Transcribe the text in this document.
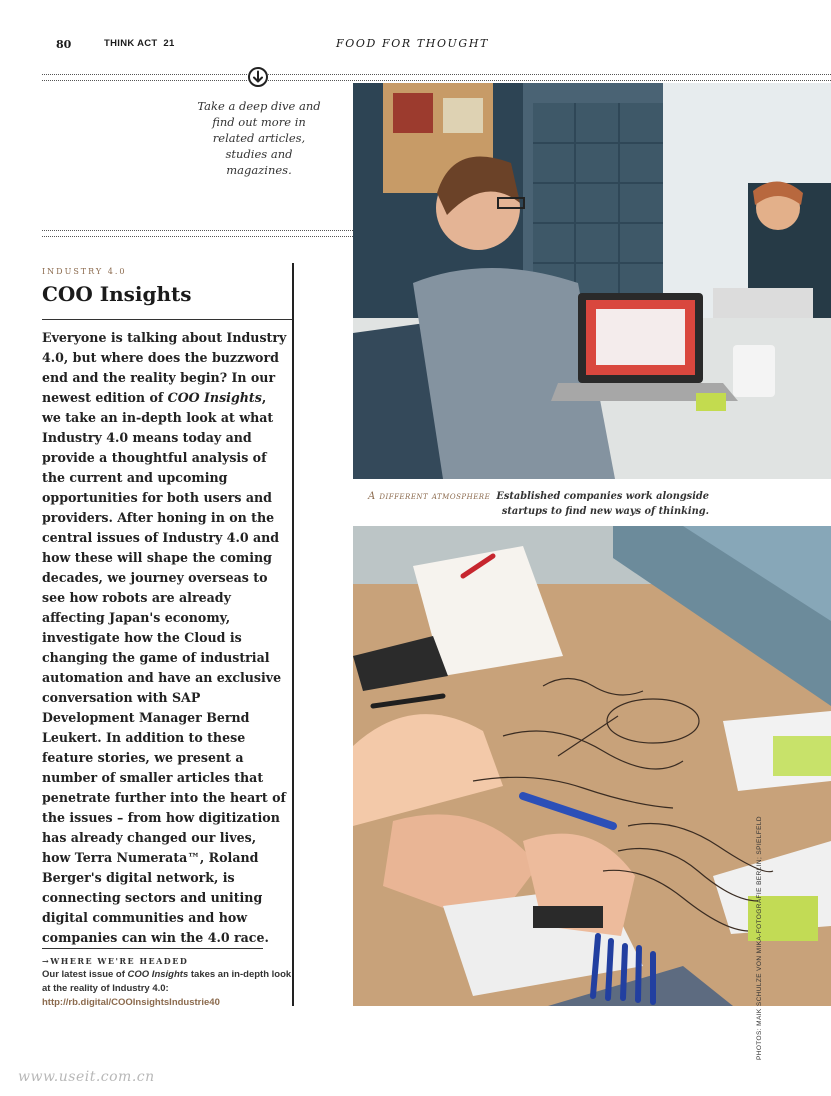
80	THINK ACT  21	FOOD FOR THOUGHT
Take a deep dive and find out more in related articles, studies and magazines.
INDUSTRY 4.0
COO Insights
Everyone is talking about Industry 4.0, but where does the buzzword end and the reality begin? In our newest edition of COO Insights, we take an in-depth look at what Industry 4.0 means today and provide a thoughtful analysis of the current and upcoming opportunities for both users and providers. After honing in on the central issues of Industry 4.0 and how these will shape the coming decades, we journey overseas to see how robots are already affecting Japan's economy, investigate how the Cloud is changing the game of industrial automation and have an exclusive conversation with SAP Development Manager Bernd Leukert. In addition to these feature stories, we present a number of smaller articles that penetrate further into the heart of the issues – from how digitization has already changed our lives, how Terra Numerata™, Roland Berger's digital network, is connecting sectors and uniting digital communities and how companies can win the 4.0 race.
→WHERE WE'RE HEADED
Our latest issue of COO Insights takes an in-depth look at the reality of Industry 4.0:
http://rb.digital/COOInsightsIndustrie40
A different atmosphere Established companies work alongside startups to find new ways of thinking.
PHOTOS: MAIK SCHULZE VON MIKA-FOTOGRAFIE BERLIN; SPIELFELD
www.useit.com.cn
